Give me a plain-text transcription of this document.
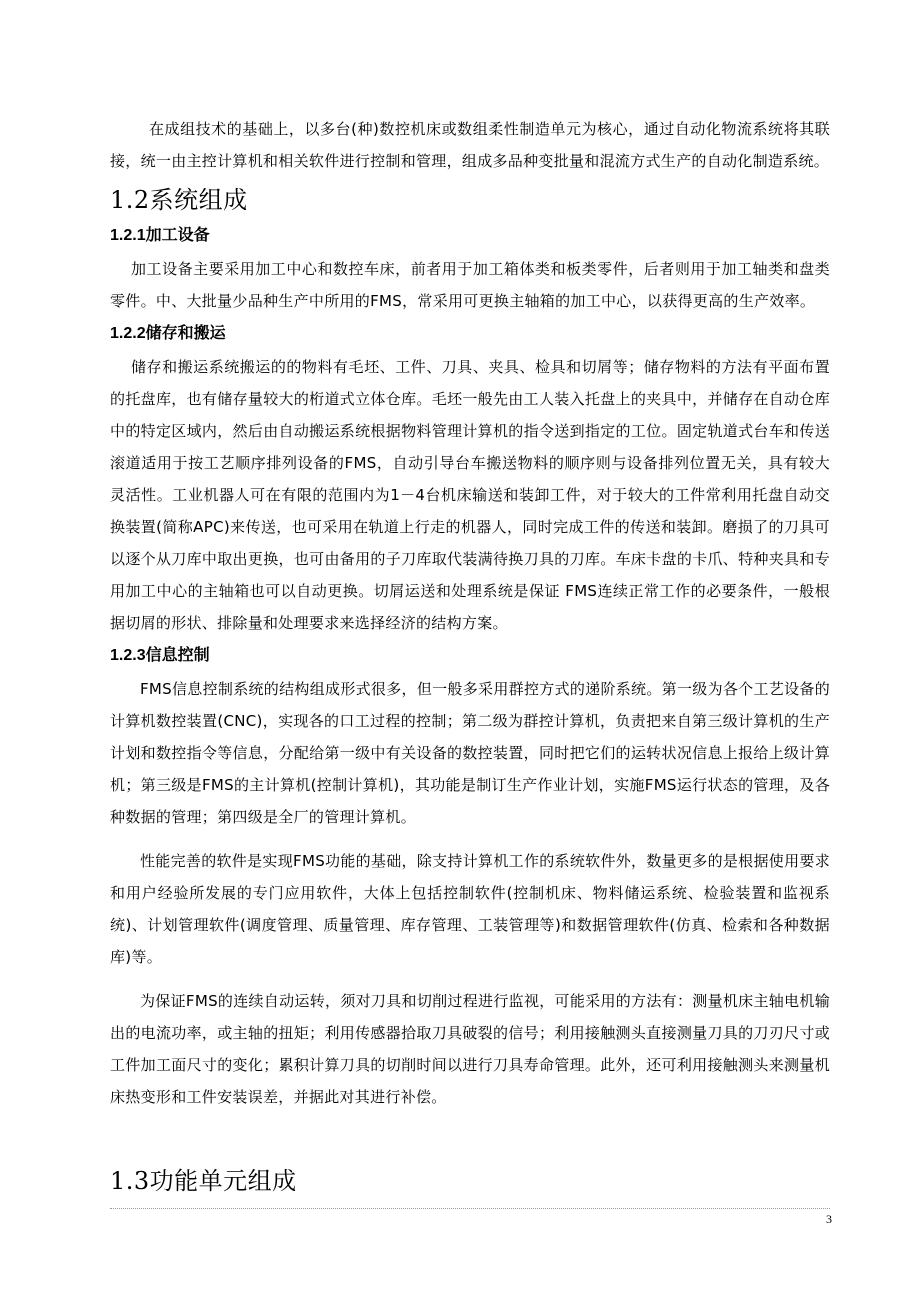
在成组技术的基础上，以多台(种)数控机床或数组柔性制造单元为核心，通过自动化物流系统将其联接，统一由主控计算机和相关软件进行控制和管理，组成多品种变批量和混流方式生产的自动化制造系统。

1.2系统组成
1.2.1加工设备

加工设备主要采用加工中心和数控车床，前者用于加工箱体类和板类零件，后者则用于加工轴类和盘类零件。中、大批量少品种生产中所用的FMS，常采用可更换主轴箱的加工中心，以获得更高的生产效率。

1.2.2储存和搬运

储存和搬运系统搬运的的物料有毛坯、工件、刀具、夹具、检具和切屑等；储存物料的方法有平面布置的托盘库，也有储存量较大的桁道式立体仓库。毛坯一般先由工人装入托盘上的夹具中，并储存在自动仓库中的特定区域内，然后由自动搬运系统根据物料管理计算机的指令送到指定的工位。固定轨道式台车和传送滚道适用于按工艺顺序排列设备的FMS，自动引导台车搬送物料的顺序则与设备排列位置无关，具有较大灵活性。工业机器人可在有限的范围内为1－4台机床输送和装卸工件，对于较大的工件常利用托盘自动交换装置(简称APC)来传送，也可采用在轨道上行走的机器人，同时完成工件的传送和装卸。磨损了的刀具可以逐个从刀库中取出更换，也可由备用的子刀库取代装满待换刀具的刀库。车床卡盘的卡爪、特种夹具和专用加工中心的主轴箱也可以自动更换。切屑运送和处理系统是保证 FMS连续正常工作的必要条件，一般根据切屑的形状、排除量和处理要求来选择经济的结构方案。

1.2.3信息控制

FMS信息控制系统的结构组成形式很多，但一般多采用群控方式的递阶系统。第一级为各个工艺设备的计算机数控装置(CNC)，实现各的口工过程的控制；第二级为群控计算机，负责把来自第三级计算机的生产计划和数控指令等信息，分配给第一级中有关设备的数控装置，同时把它们的运转状况信息上报给上级计算机；第三级是FMS的主计算机(控制计算机)，其功能是制订生产作业计划，实施FMS运行状态的管理，及各种数据的管理；第四级是全厂的管理计算机。

性能完善的软件是实现FMS功能的基础，除支持计算机工作的系统软件外，数量更多的是根据使用要求和用户经验所发展的专门应用软件，大体上包括控制软件(控制机床、物料储运系统、检验装置和监视系统)、计划管理软件(调度管理、质量管理、库存管理、工装管理等)和数据管理软件(仿真、检索和各种数据库)等。

为保证FMS的连续自动运转，须对刀具和切削过程进行监视，可能采用的方法有：测量机床主轴电机输出的电流功率，或主轴的扭矩；利用传感器拾取刀具破裂的信号；利用接触测头直接测量刀具的刀刃尺寸或工件加工面尺寸的变化；累积计算刀具的切削时间以进行刀具寿命管理。此外，还可利用接触测头来测量机床热变形和工件安装误差，并据此对其进行补偿。

1.3功能单元组成
3
